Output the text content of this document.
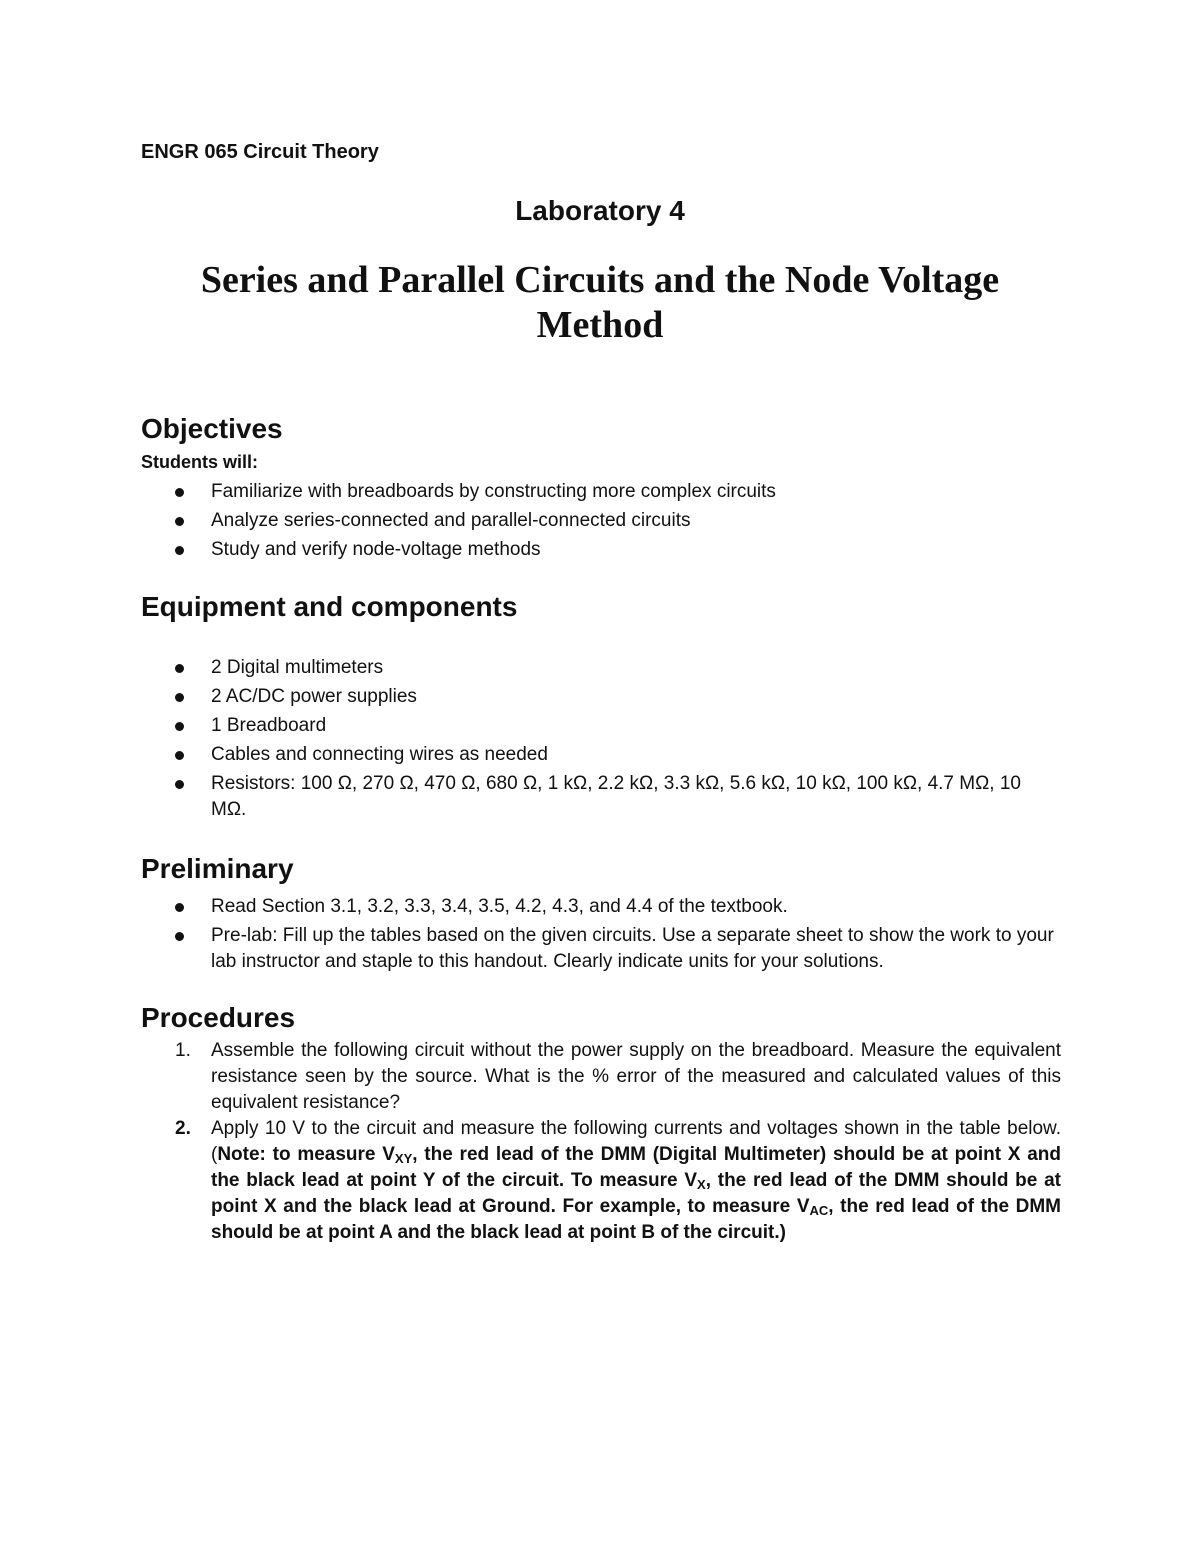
ENGR 065 Circuit Theory
Laboratory 4
Series and Parallel Circuits and the Node Voltage Method
Objectives
Students will:
Familiarize with breadboards by constructing more complex circuits
Analyze series-connected and parallel-connected circuits
Study and verify node-voltage methods
Equipment and components
2 Digital multimeters
2 AC/DC power supplies
1 Breadboard
Cables and connecting wires as needed
Resistors: 100 Ω, 270 Ω, 470 Ω, 680 Ω, 1 kΩ, 2.2 kΩ, 3.3 kΩ, 5.6 kΩ, 10 kΩ, 100 kΩ, 4.7 MΩ, 10 MΩ.
Preliminary
Read Section 3.1, 3.2, 3.3, 3.4, 3.5, 4.2, 4.3, and 4.4 of the textbook.
Pre-lab: Fill up the tables based on the given circuits. Use a separate sheet to show the work to your lab instructor and staple to this handout. Clearly indicate units for your solutions.
Procedures
1.	Assemble the following circuit without the power supply on the breadboard. Measure the equivalent resistance seen by the source. What is the % error of the measured and calculated values of this equivalent resistance?
2.	Apply 10 V to the circuit and measure the following currents and voltages shown in the table below. (Note: to measure $V_{XY}$, the red lead of the DMM (Digital Multimeter) should be at point X and the black lead at point Y of the circuit. To measure $V_X$, the red lead of the DMM should be at point X and the black lead at Ground. For example, to measure $V_{AC}$, the red lead of the DMM should be at point A and the black lead at point B of the circuit.)
